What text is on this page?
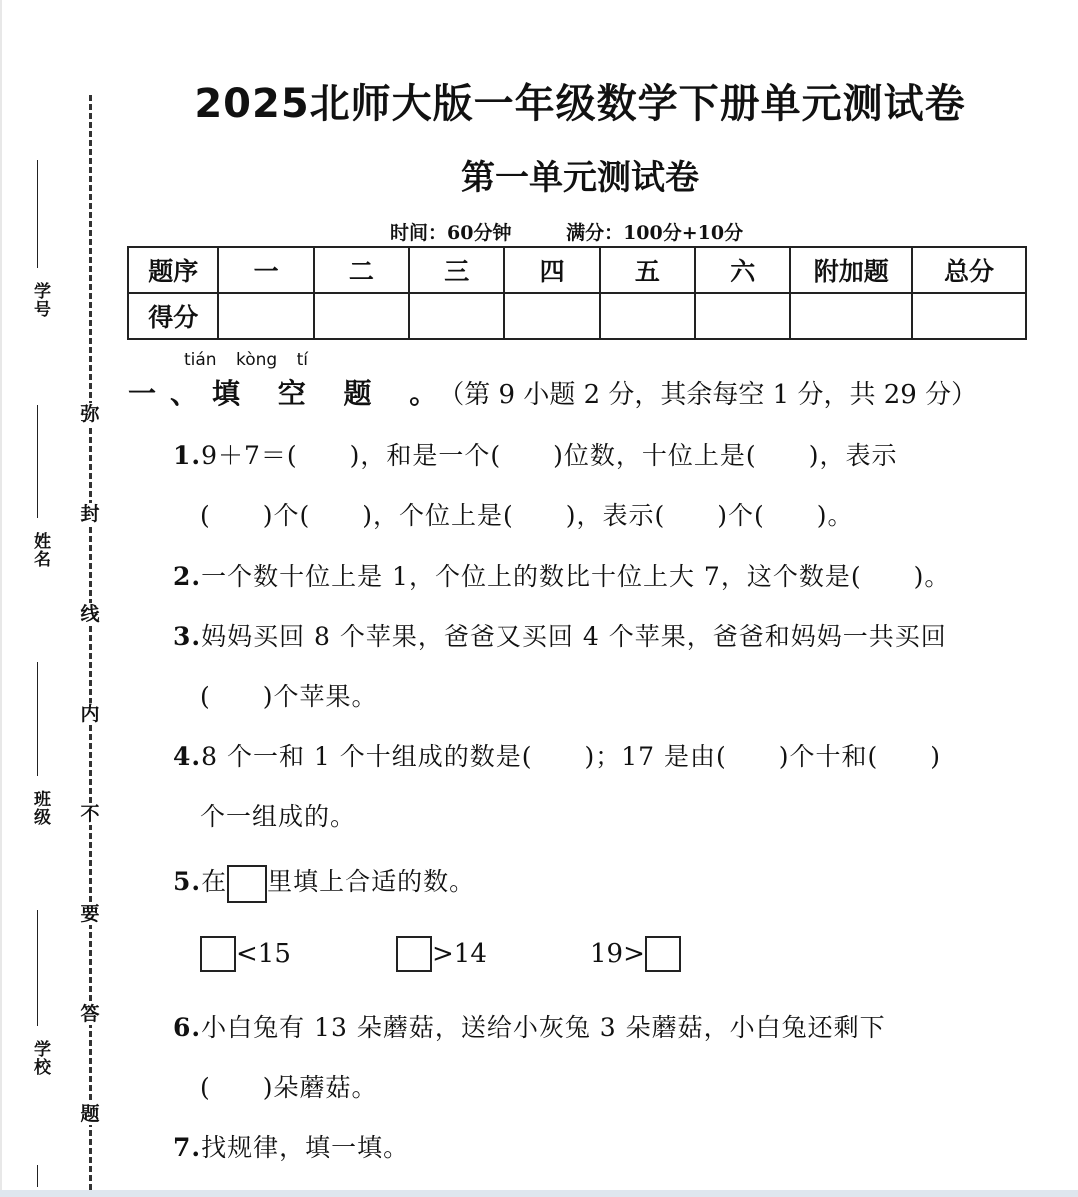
学号
姓名
班级
学校
弥
封
线
内
不
要
答
题
2025北师大版一年级数学下册单元测试卷
第一单元测试卷
时间：60分钟	满分：100分+10分
题序	一	二	三	四	五	六	附加题	总分
得分								
tián kòng tí
一、填 空 题 。（第 9 小题 2 分，其余每空 1 分，共 29 分）
1.9＋7＝(　　)，和是一个(　　)位数，十位上是(　　)，表示
(　　)个(　　)，个位上是(　　)，表示(　　)个(　　)。
2.一个数十位上是 1，个位上的数比十位上大 7，这个数是(　　)。
3.妈妈买回 8 个苹果，爸爸又买回 4 个苹果，爸爸和妈妈一共买回
(　　)个苹果。
4.8 个一和 1 个十组成的数是(　　)；17 是由(　　)个十和(　　)
个一组成的。
5.在 里填上合适的数。
<15	>14	19>
6.小白兔有 13 朵蘑菇，送给小灰兔 3 朵蘑菇，小白兔还剩下
(　　)朵蘑菇。
7.找规律，填一填。
